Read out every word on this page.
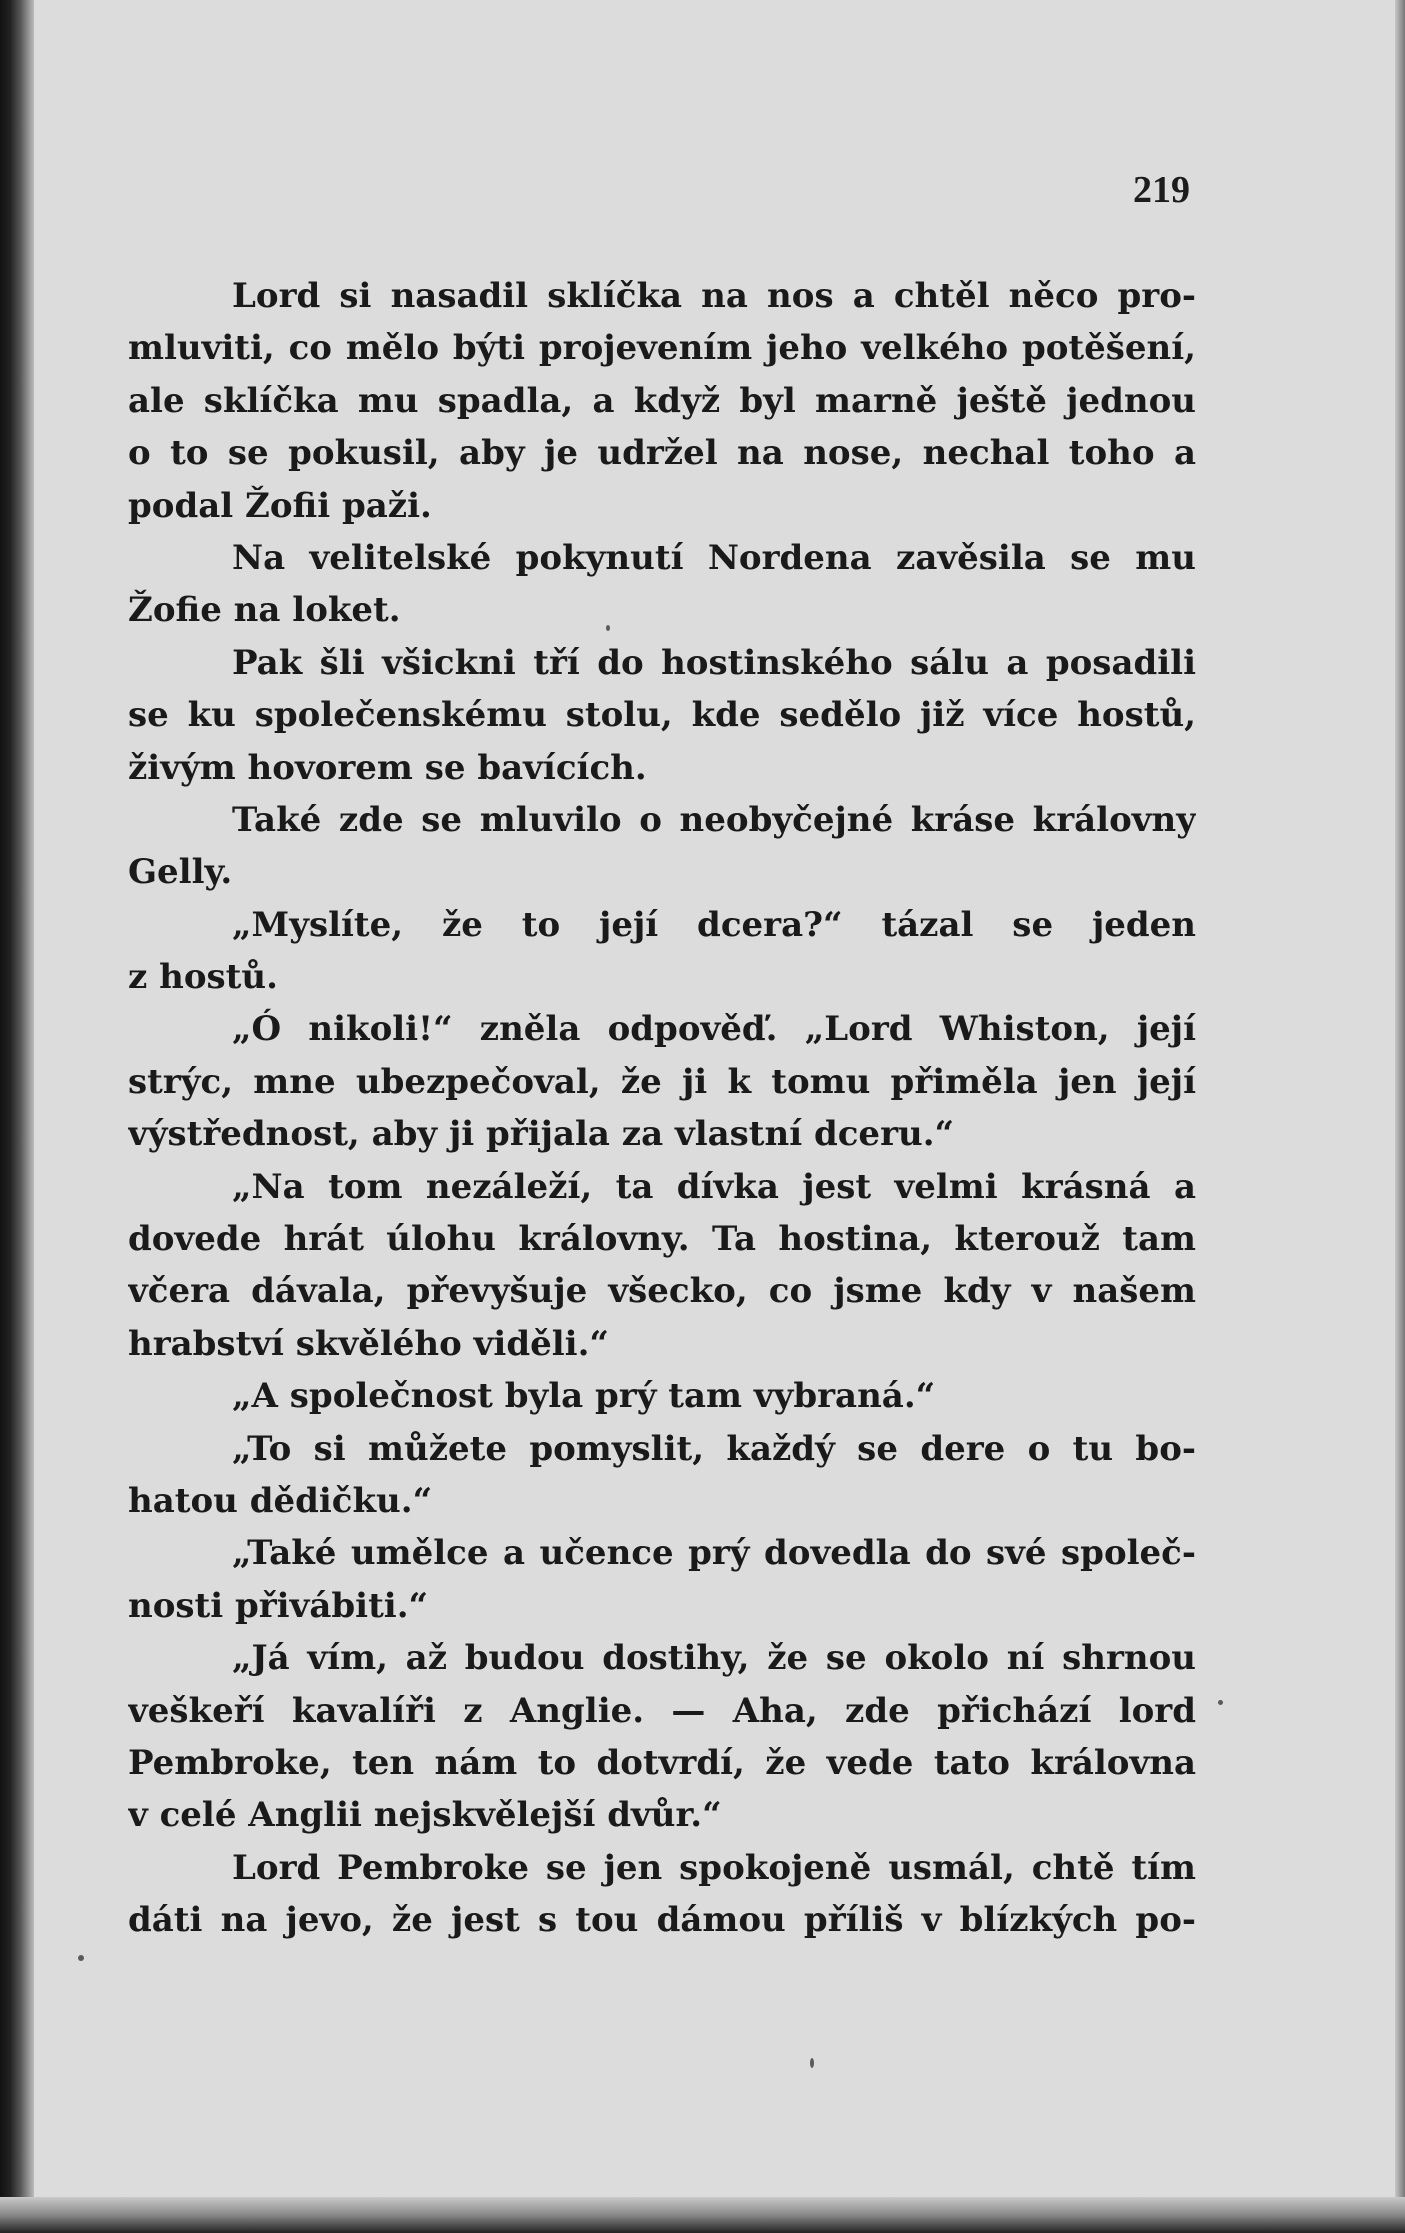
219
Lord si nasadil sklíčka na nos a chtěl něco pro-
mluviti, co mělo býti projevením jeho velkého potěšení,
ale sklíčka mu spadla, a když byl marně ještě jednou
o to se pokusil, aby je udržel na nose, nechal toho a
podal Žofii paži.
Na velitelské pokynutí Nordena zavěsila se mu
Žofie na loket.
Pak šli všickni tří do hostinského sálu a posadili
se ku společenskému stolu, kde sedělo již více hostů,
živým hovorem se bavících.
Také zde se mluvilo o neobyčejné kráse královny
Gelly.
„Myslíte, že to její dcera?“ tázal se jeden
z hostů.
„Ó nikoli!“ zněla odpověď. „Lord Whiston, její
strýc, mne ubezpečoval, že ji k tomu přiměla jen její
výstřednost, aby ji přijala za vlastní dceru.“
„Na tom nezáleží, ta dívka jest velmi krásná a
dovede hrát úlohu královny. Ta hostina, kterouž tam
včera dávala, převyšuje všecko, co jsme kdy v našem
hrabství skvělého viděli.“
„A společnost byla prý tam vybraná.“
„To si můžete pomyslit, každý se dere o tu bo-
hatou dědičku.“
„Také umělce a učence prý dovedla do své společ-
nosti přivábiti.“
„Já vím, až budou dostihy, že se okolo ní shrnou
veškeří kavalíři z Anglie. — Aha, zde přichází lord
Pembroke, ten nám to dotvrdí, že vede tato královna
v celé Anglii nejskvělejší dvůr.“
Lord Pembroke se jen spokojeně usmál, chtě tím
dáti na jevo, že jest s tou dámou příliš v blízkých po-
